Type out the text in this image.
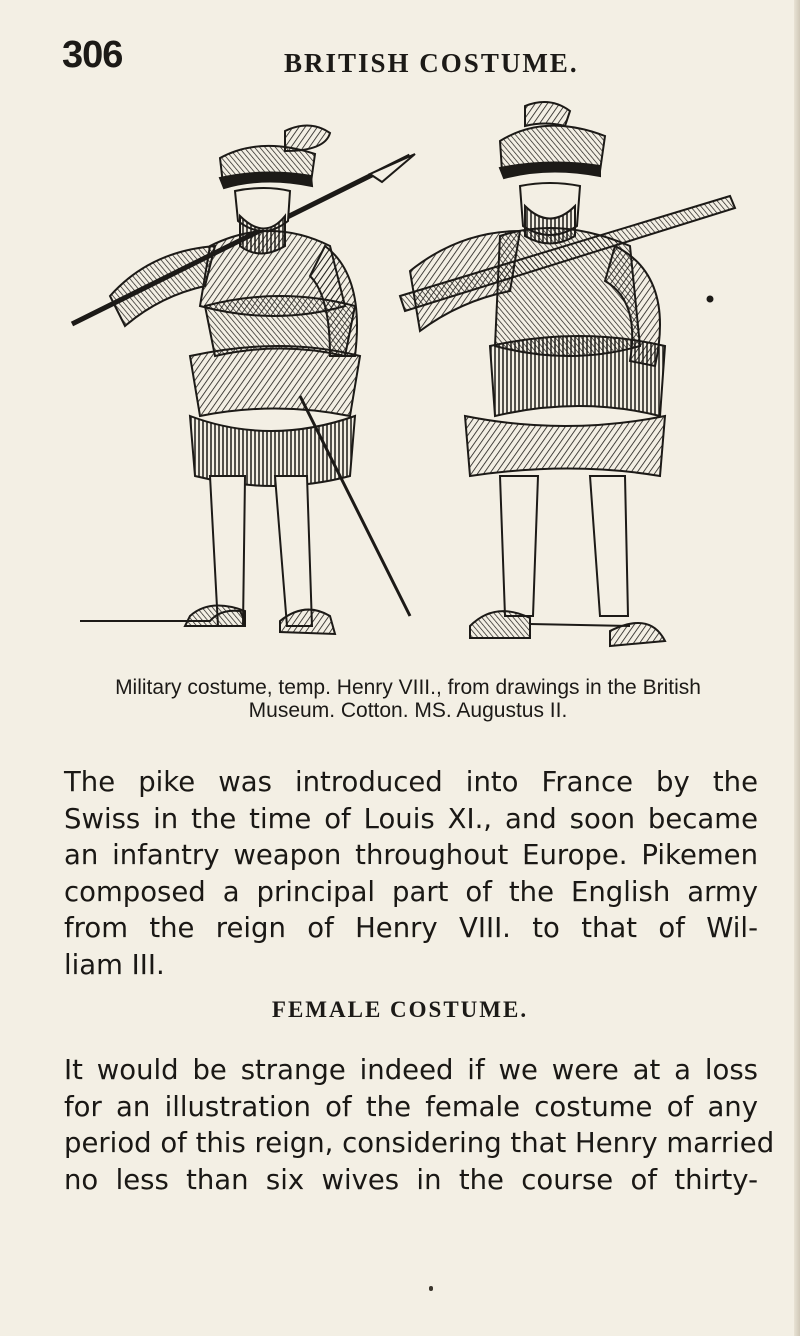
306	BRITISH COSTUME.
Military costume, temp. Henry VIII., from drawings in the British
Museum. Cotton. MS. Augustus II.
The pike was introduced into France by the
Swiss in the time of Louis XI., and soon became
an infantry weapon throughout Europe. Pikemen
composed a principal part of the English army
from the reign of Henry VIII. to that of Wil-
liam III.
FEMALE COSTUME.
It would be strange indeed if we were at a loss
for an illustration of the female costume of any
period of this reign, considering that Henry married
no less than six wives in the course of thirty-
